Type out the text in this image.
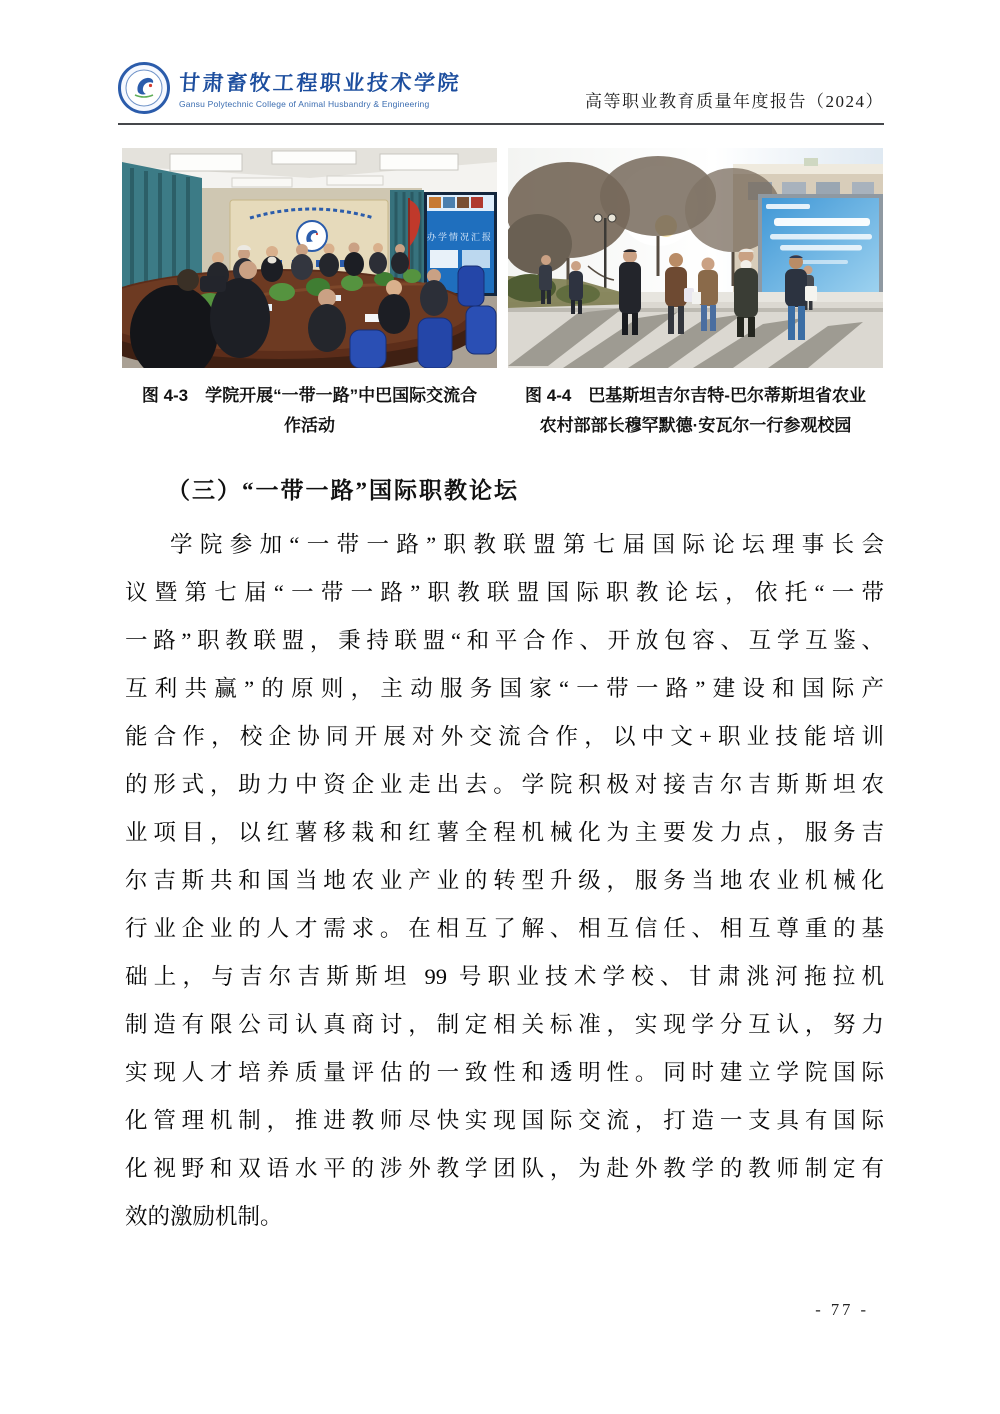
甘肃畜牧工程职业技术学院
Gansu Polytechnic College of Animal Husbandry & Engineering	高等职业教育质量年度报告（2024）
办学情况汇报
图 4-3　学院开展“一带一路”中巴国际交流合
作活动
图 4-4　巴基斯坦吉尔吉特-巴尔蒂斯坦省农业
农村部部长穆罕默德·安瓦尔一行参观校园
（三）“一带一路”国际职教论坛
学院参加“一带一路”职教联盟第七届国际论坛理事长会
议暨第七届“一带一路”职教联盟国际职教论坛，依托“一带
一路”职教联盟，秉持联盟“和平合作、开放包容、互学互鉴、
互利共赢”的原则，主动服务国家“一带一路”建设和国际产
能合作，校企协同开展对外交流合作，以中文+职业技能培训
的形式，助力中资企业走出去。学院积极对接吉尔吉斯斯坦农
业项目，以红薯移栽和红薯全程机械化为主要发力点，服务吉
尔吉斯共和国当地农业产业的转型升级，服务当地农业机械化
行业企业的人才需求。在相互了解、相互信任、相互尊重的基
础上，与吉尔吉斯斯坦 99 号职业技术学校、甘肃洮河拖拉机
制造有限公司认真商讨，制定相关标准，实现学分互认，努力
实现人才培养质量评估的一致性和透明性。同时建立学院国际
化管理机制，推进教师尽快实现国际交流，打造一支具有国际
化视野和双语水平的涉外教学团队，为赴外教学的教师制定有
效的激励机制。
- 77 -
